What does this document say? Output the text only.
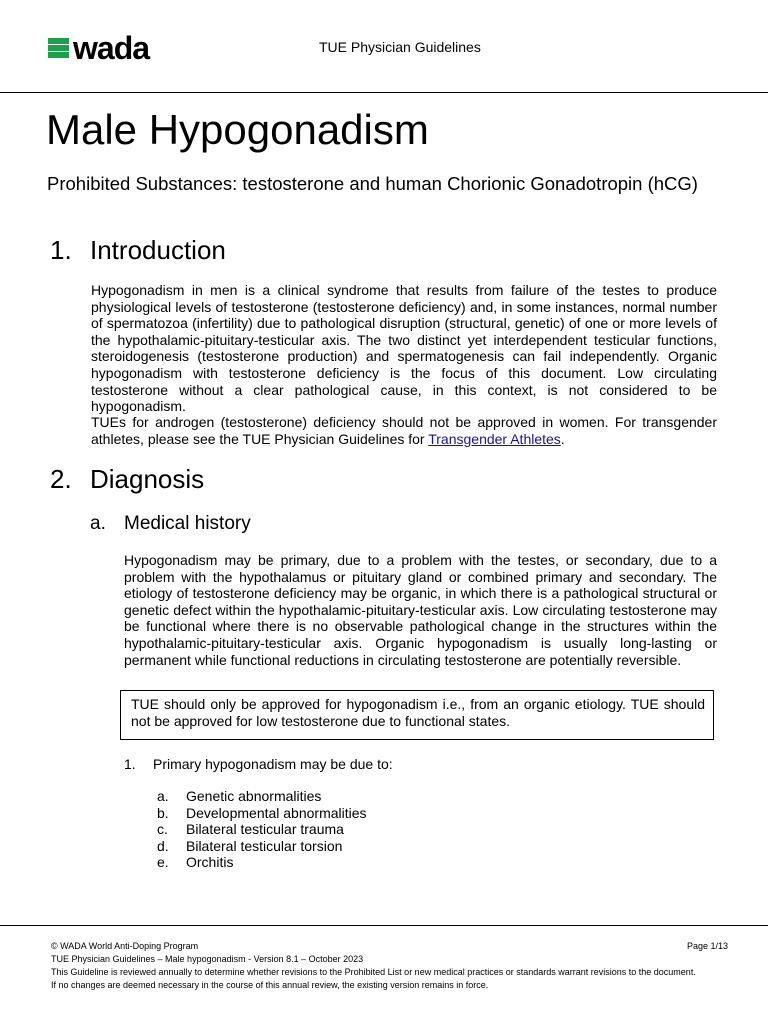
wada	TUE Physician Guidelines
Male Hypogonadism
Prohibited Substances: testosterone and human Chorionic Gonadotropin (hCG)
1. Introduction

Hypogonadism in men is a clinical syndrome that results from failure of the testes to produce physiological levels of testosterone (testosterone deficiency) and, in some instances, normal number of spermatozoa (infertility) due to pathological disruption (structural, genetic) of one or more levels of the hypothalamic-pituitary-testicular axis. The two distinct yet interdependent testicular functions, steroidogenesis (testosterone production) and spermatogenesis can fail independently. Organic hypogonadism with testosterone deficiency is the focus of this document. Low circulating testosterone without a clear pathological cause, in this context, is not considered to be hypogonadism.

TUEs for androgen (testosterone) deficiency should not be approved in women. For transgender athletes, please see the TUE Physician Guidelines for Transgender Athletes.

2. Diagnosis
a. Medical history

Hypogonadism may be primary, due to a problem with the testes, or secondary, due to a problem with the hypothalamus or pituitary gland or combined primary and secondary. The etiology of testosterone deficiency may be organic, in which there is a pathological structural or genetic defect within the hypothalamic-pituitary-testicular axis. Low circulating testosterone may be functional where there is no observable pathological change in the structures within the hypothalamic-pituitary-testicular axis. Organic hypogonadism is usually long-lasting or permanent while functional reductions in circulating testosterone are potentially reversible.

TUE should only be approved for hypogonadism i.e., from an organic etiology. TUE should not be approved for low testosterone due to functional states.
1. Primary hypogonadism may be due to:
a.	Genetic abnormalities
b.	Developmental abnormalities
c.	Bilateral testicular trauma
d.	Bilateral testicular torsion
e.	Orchitis
© WADA World Anti-Doping Program
TUE Physician Guidelines – Male hypogonadism - Version 8.1 – October 2023
This Guideline is reviewed annually to determine whether revisions to the Prohibited List or new medical practices or standards warrant revisions to the document.
If no changes are deemed necessary in the course of this annual review, the existing version remains in force.
Page 1/13
